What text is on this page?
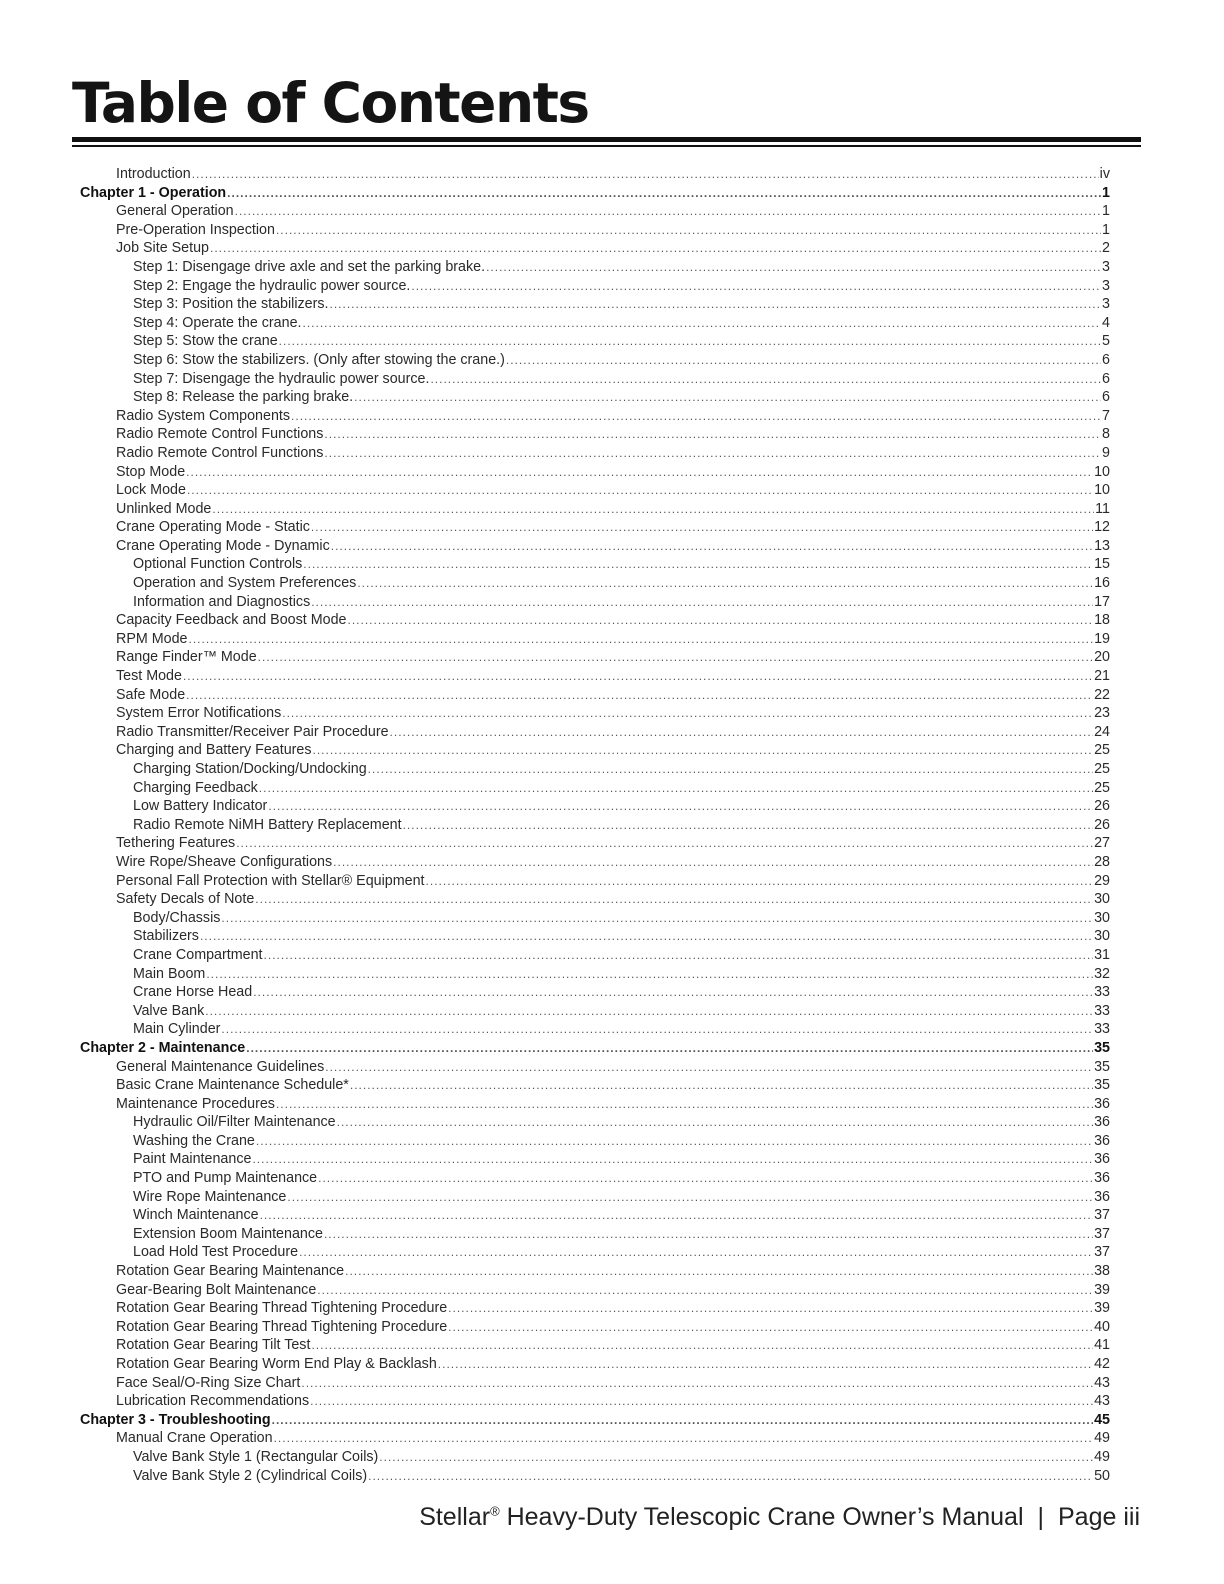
Table of Contents
Introduction .....	iv
Chapter 1 - Operation .....	1
General Operation .....	1
Pre-Operation Inspection .....	1
Job Site Setup .....	2
Step 1: Disengage drive axle and set the parking brake. .....	3
Step 2: Engage the hydraulic power source. .....	3
Step 3: Position the stabilizers. .....	3
Step 4: Operate the crane. .....	4
Step 5: Stow the crane .....	5
Step 6: Stow the stabilizers. (Only after stowing the crane.) .....	6
Step 7: Disengage the hydraulic power source. .....	6
Step 8: Release the parking brake. .....	6
Radio System Components .....	7
Radio Remote Control Functions .....	8
Radio Remote Control Functions .....	9
Stop Mode .....	10
Lock Mode .....	10
Unlinked Mode .....	11
Crane Operating Mode - Static .....	12
Crane Operating Mode - Dynamic .....	13
Optional Function Controls .....	15
Operation and System Preferences .....	16
Information and Diagnostics .....	17
Capacity Feedback and Boost Mode .....	18
RPM Mode .....	19
Range Finder™ Mode .....	20
Test Mode .....	21
Safe Mode .....	22
System Error Notifications .....	23
Radio Transmitter/Receiver Pair Procedure .....	24
Charging and Battery Features .....	25
Charging Station/Docking/Undocking .....	25
Charging Feedback .....	25
Low Battery Indicator .....	26
Radio Remote NiMH Battery Replacement .....	26
Tethering Features .....	27
Wire Rope/Sheave Configurations .....	28
Personal Fall Protection with Stellar® Equipment .....	29
Safety Decals of Note .....	30
Body/Chassis .....	30
Stabilizers .....	30
Crane Compartment .....	31
Main Boom .....	32
Crane Horse Head .....	33
Valve Bank .....	33
Main Cylinder .....	33
Chapter 2 - Maintenance .....	35
General Maintenance Guidelines .....	35
Basic Crane Maintenance Schedule* .....	35
Maintenance Procedures .....	36
Hydraulic Oil/Filter Maintenance .....	36
Washing the Crane .....	36
Paint Maintenance .....	36
PTO and Pump Maintenance .....	36
Wire Rope Maintenance .....	36
Winch Maintenance .....	37
Extension Boom Maintenance .....	37
Load Hold Test Procedure .....	37
Rotation Gear Bearing Maintenance .....	38
Gear-Bearing Bolt Maintenance .....	39
Rotation Gear Bearing Thread Tightening Procedure .....	39
Rotation Gear Bearing Thread Tightening Procedure .....	40
Rotation Gear Bearing Tilt Test .....	41
Rotation Gear Bearing Worm End Play & Backlash .....	42
Face Seal/O-Ring Size Chart .....	43
Lubrication Recommendations .....	43
Chapter 3 - Troubleshooting .....	45
Manual Crane Operation .....	49
Valve Bank Style 1 (Rectangular Coils) .....	49
Valve Bank Style 2 (Cylindrical Coils) .....	50
Stellar® Heavy-Duty Telescopic Crane Owner’s Manual | Page iii
